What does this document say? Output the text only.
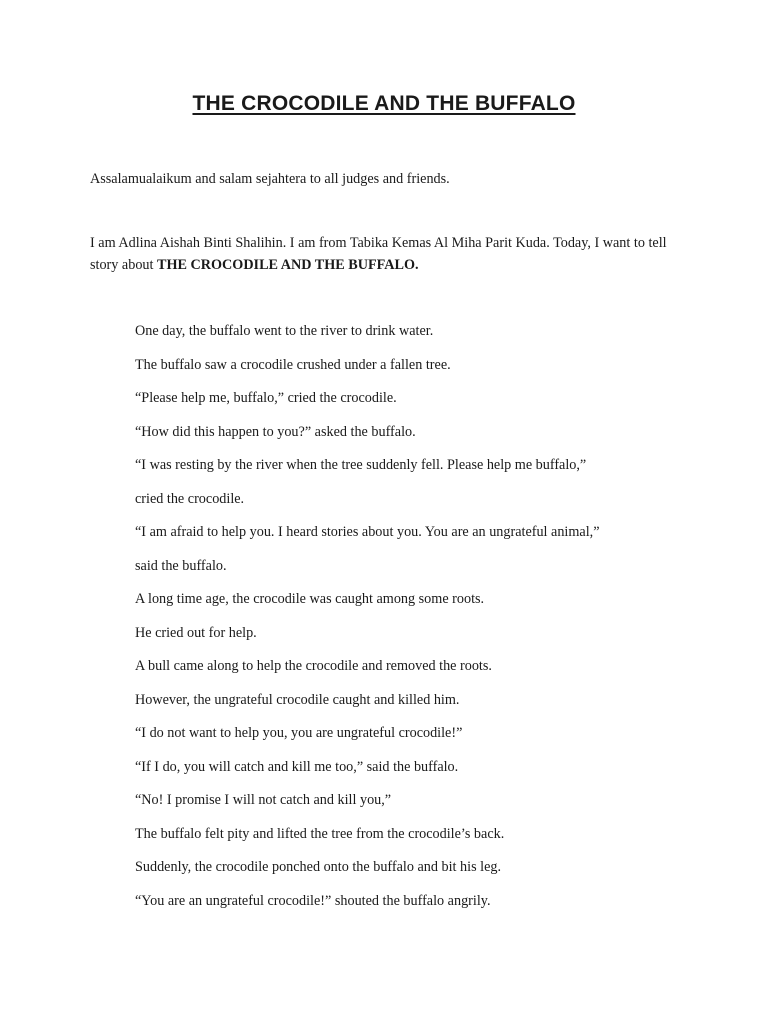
THE CROCODILE AND THE BUFFALO

Assalamualaikum and salam sejahtera to all judges and friends.

I am Adlina Aishah Binti Shalihin. I am from Tabika Kemas Al Miha Parit Kuda. Today, I want to tell story about THE CROCODILE AND THE BUFFALO.

One day, the buffalo went to the river to drink water.
The buffalo saw a crocodile crushed under a fallen tree.
“Please help me, buffalo,” cried the crocodile.
“How did this happen to you?” asked the buffalo.
“I was resting by the river when the tree suddenly fell. Please help me buffalo,”
cried the crocodile.
“I am afraid to help you. I heard stories about you. You are an ungrateful animal,”
said the buffalo.
A long time age, the crocodile was caught among some roots.
He cried out for help.
A bull came along to help the crocodile and removed the roots.
However, the ungrateful crocodile caught and killed him.
“I do not want to help you, you are ungrateful crocodile!”
“If I do, you will catch and kill me too,” said the buffalo.
“No! I promise I will not catch and kill you,”
The buffalo felt pity and lifted the tree from the crocodile’s back.
Suddenly, the crocodile ponched onto the buffalo and bit his leg.
“You are an ungrateful crocodile!” shouted the buffalo angrily.
